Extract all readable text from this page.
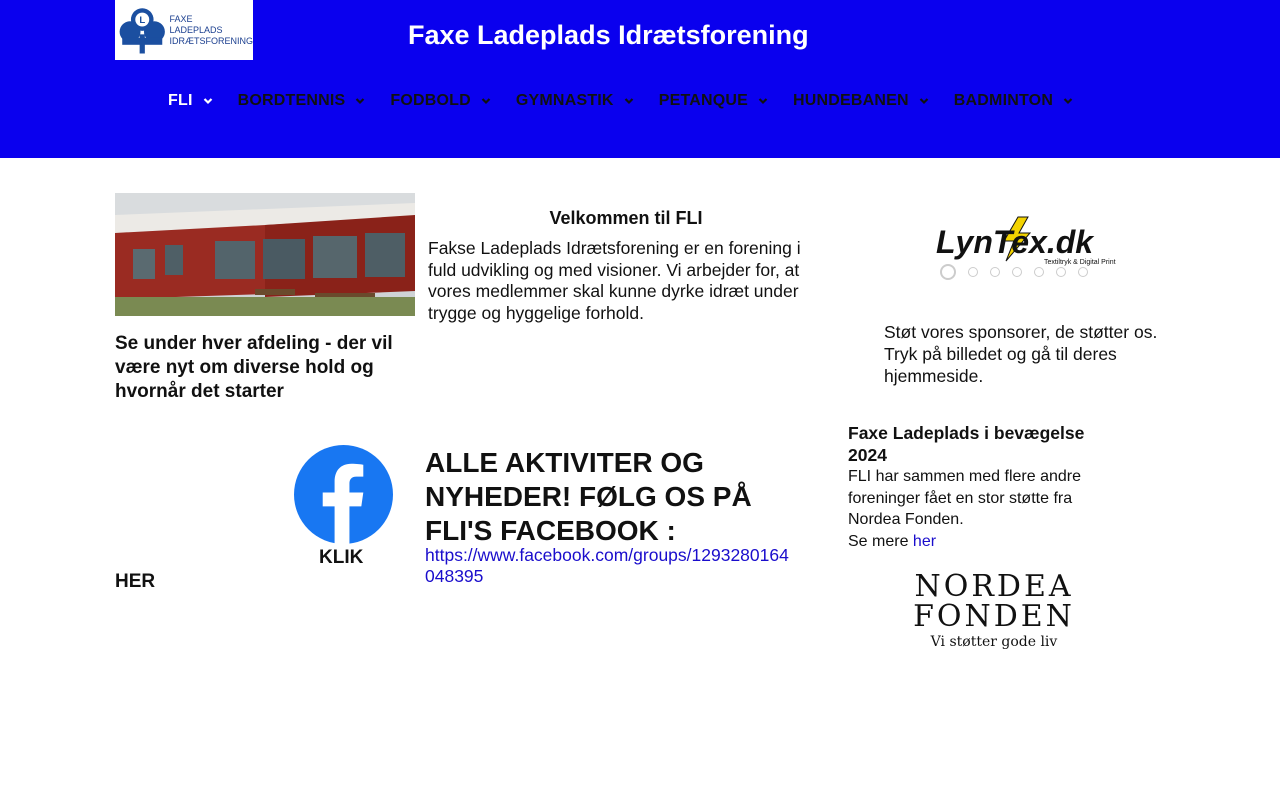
L	FAXE
LADEPLADS
IDRÆTSFORENING	Faxe Ladeplads Idrætsforening
FLI	BORDTENNIS	FODBOLD	GYMNASTIK	PETANQUE	HUNDEBANEN	BADMINTON
Se under hver afdeling - der vil være nyt om diverse hold og hvornår det starter
Velkommen til FLI
Fakse Ladeplads Idrætsforening er en forening i fuld udvikling og med visioner. Vi arbejder for, at vores medlemmer skal kunne dyrke idræt under trygge og hyggelige forhold.
KLIK
HER
ALLE AKTIVITER OG NYHEDER! FØLG OS PÅ FLI'S FACEBOOK :
https://www.facebook.com/groups/1293280164048395
LynTex.dk
Textiltryk & Digital Print
Støt vores sponsorer, de støtter os.
Tryk på billedet og gå til deres hjemmeside.
Faxe Ladeplads i bevægelse 2024
FLI har sammen med flere andre foreninger fået en stor støtte fra Nordea Fonden.
Se mere her
NORDEA
FONDEN
Vi støtter gode liv
